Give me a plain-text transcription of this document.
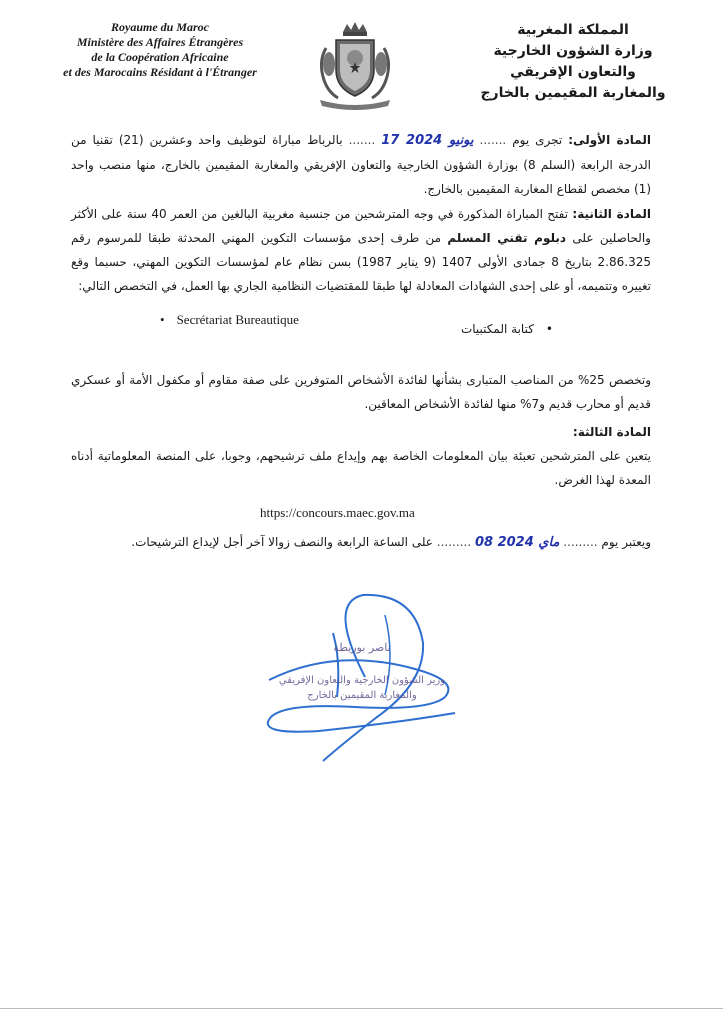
Royaume du Maroc
Ministère des Affaires Étrangères
de la Coopération Africaine
et des Marocains Résidant à l'Étranger
المملكة المغربية
وزارة الشؤون الخارجية
والتعاون الإفريقي
والمغاربة المقيمين بالخارج
المادة الأولى: تجرى يوم ....... 17 يونيو 2024 ....... بالرباط مباراة لتوظيف واحد وعشرين (21) تقنيا من الدرجة الرابعة (السلم 8) بوزارة الشؤون الخارجية والتعاون الإفريقي والمغاربة المقيمين بالخارج، منها منصب واحد (1) مخصص لقطاع المغاربة المقيمين بالخارج.
المادة الثانية: تفتح المباراة المذكورة في وجه المترشحين من جنسية مغربية البالغين من العمر 40 سنة على الأكثر والحاصلين على دبلوم تقني المسلم من طرف إحدى مؤسسات التكوين المهني المحدثة طبقا للمرسوم رقم 2.86.325 بتاريخ 8 جمادى الأولى 1407 (9 يناير 1987) بسن نظام عام لمؤسسات التكوين المهني، حسبما وقع تغييره وتتميمه، أو على إحدى الشهادات المعادلة لها طبقا للمقتضيات النظامية الجاري بها العمل، في التخصص التالي:
• Secrétariat Bureautique
• كتابة المكتبيات
وتخصص 25% من المناصب المتبارى بشأنها لفائدة الأشخاص المتوفرين على صفة مقاوم أو مكفول الأمة أو عسكري قديم أو محارب قديم و7% منها لفائدة الأشخاص المعاقين.
المادة الثالثة:
يتعين على المترشحين تعبئة بيان المعلومات الخاصة بهم وإيداع ملف ترشيحهم، وجوبا، على المنصة المعلوماتية أدناه المعدة لهذا الغرض.
https://concours.maec.gov.ma
ويعتبر يوم ......... 08 ماي 2024 ......... على الساعة الرابعة والنصف زوالا آخر أجل لإيداع الترشيحات.
ناصر بوريطة
وزير الشؤون الخارجية والتعاون الإفريقي
والمغاربة المقيمين بالخارج
